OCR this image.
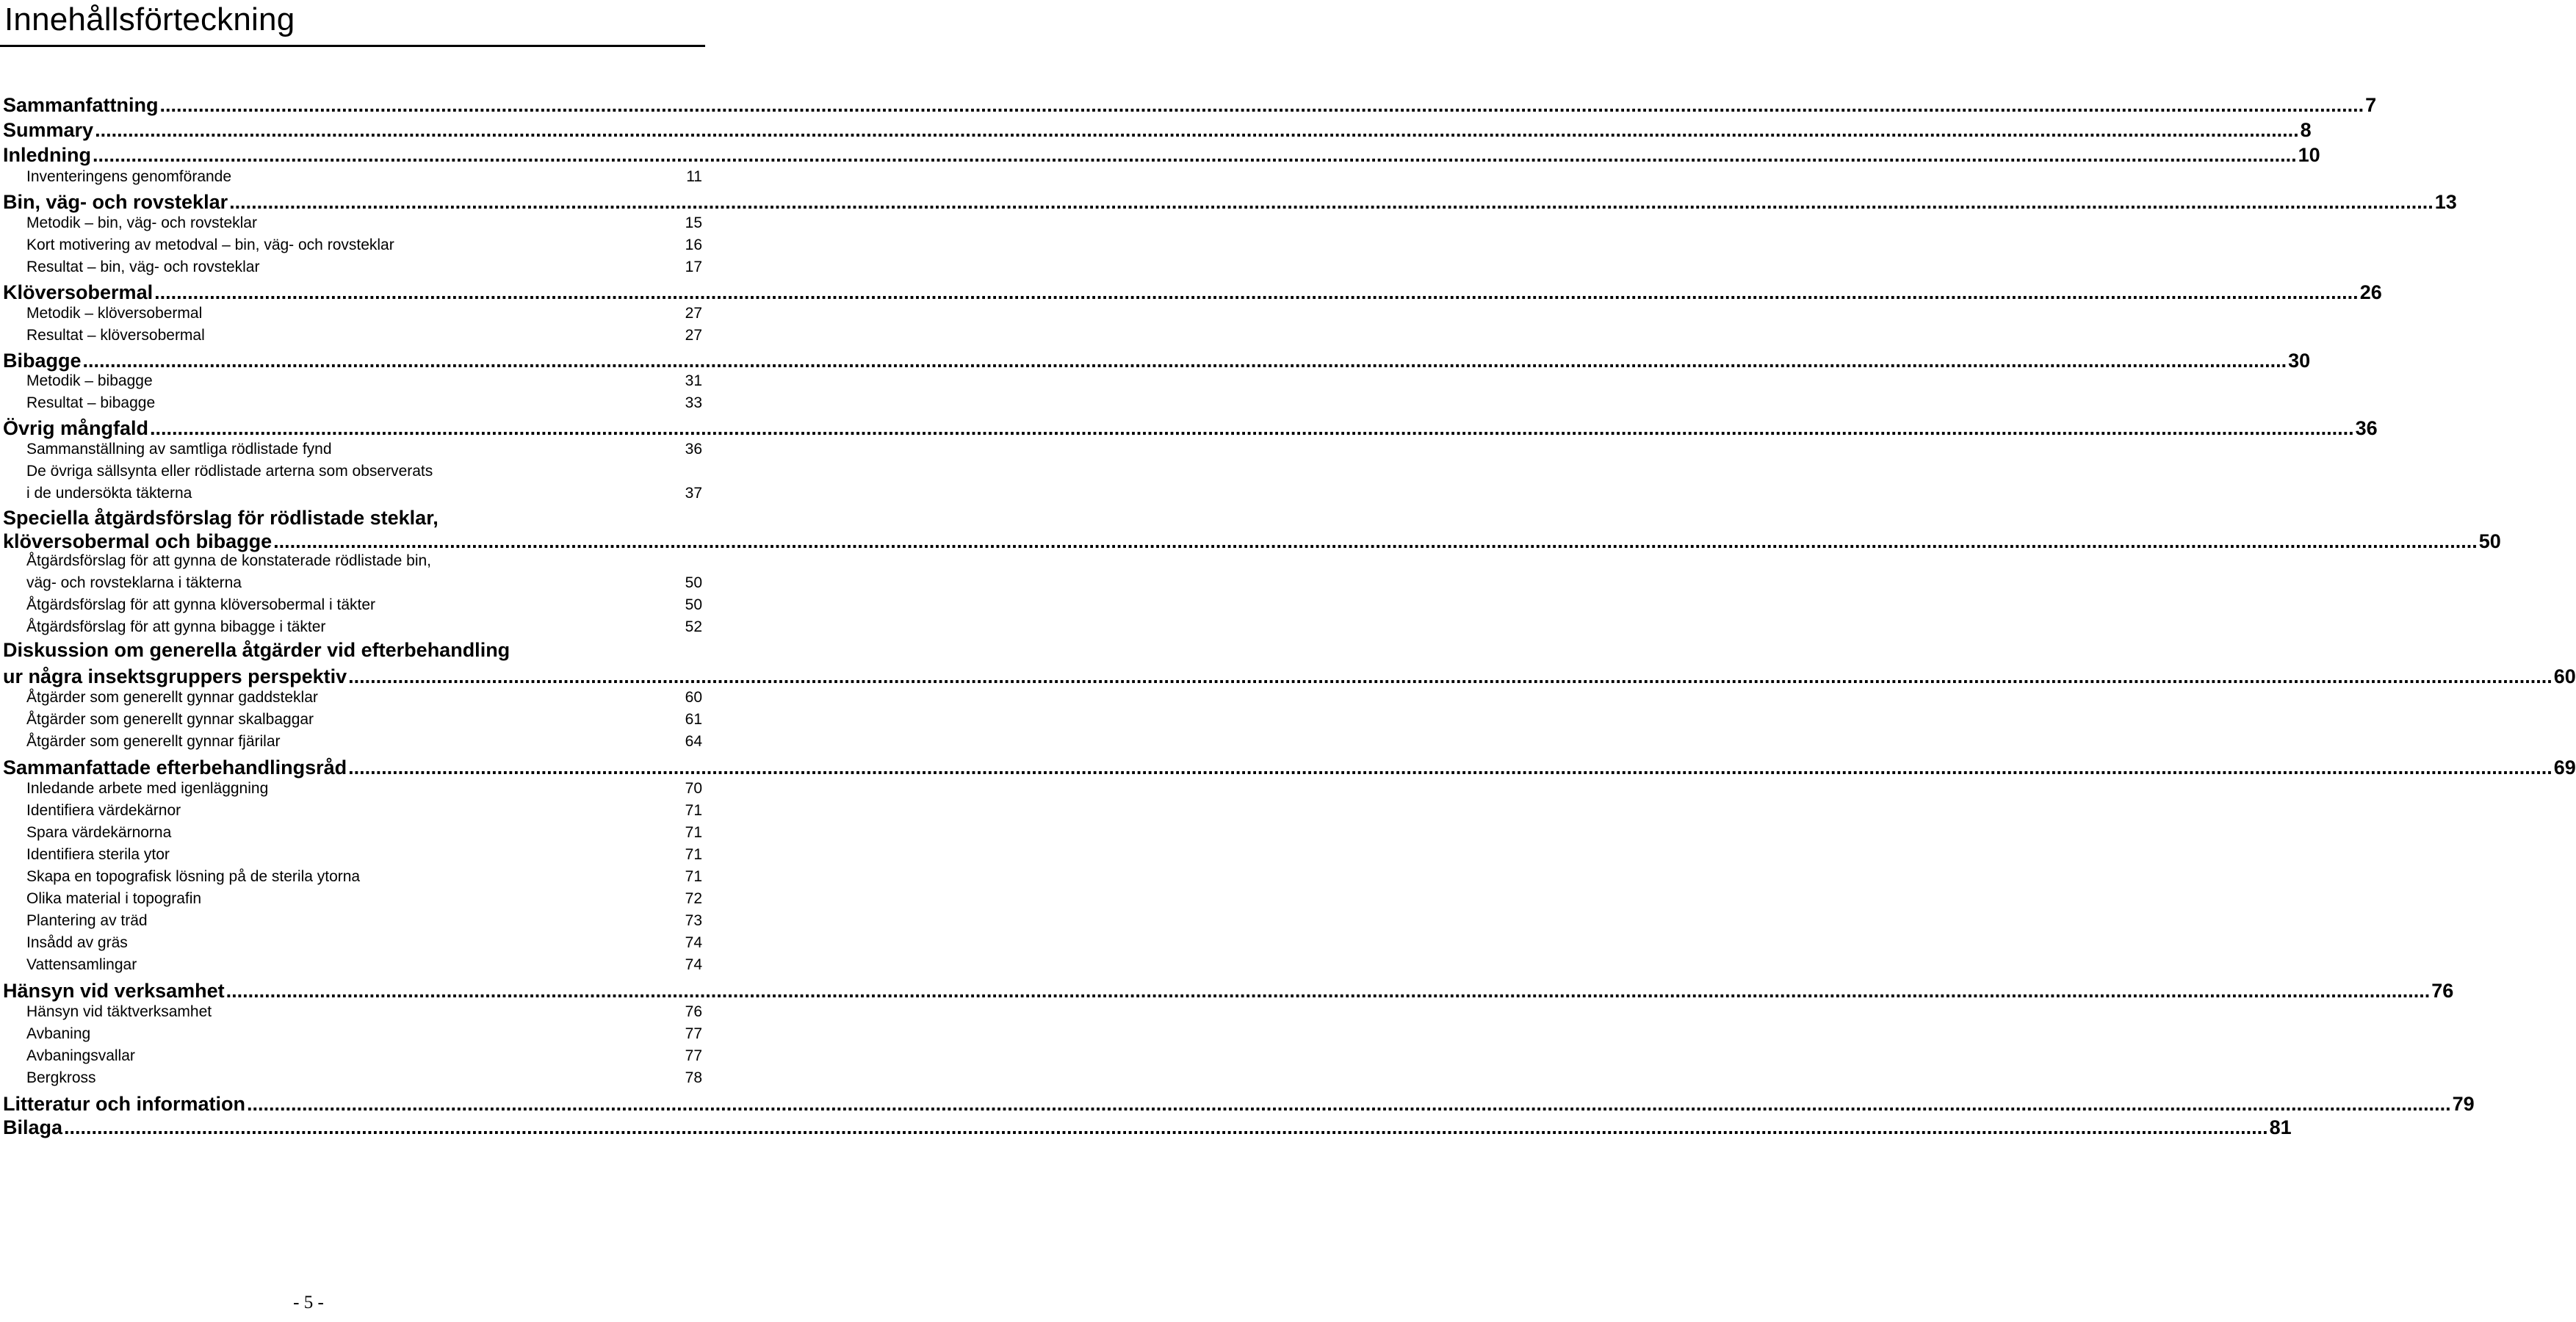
Innehållsförteckning
Sammanfattning ................................................................................................................................................................................................................................................................................................................................................................................................................ 7
Summary ................................................................................................................................................................................................................................................................................................................................................................................................................ 8
Inledning ................................................................................................................................................................................................................................................................................................................................................................................................................ 10
Inventeringens genomförande	11
Bin, väg- och rovsteklar ................................................................................................................................................................................................................................................................................................................................................................................................................ 13
Metodik – bin, väg- och rovsteklar	15
Kort motivering av metodval – bin, väg- och rovsteklar	16
Resultat – bin, väg- och rovsteklar	17
Klöversobermal ................................................................................................................................................................................................................................................................................................................................................................................................................ 26
Metodik – klöversobermal	27
Resultat – klöversobermal	27
Bibagge ................................................................................................................................................................................................................................................................................................................................................................................................................ 30
Metodik – bibagge	31
Resultat – bibagge	33
Övrig mångfald ................................................................................................................................................................................................................................................................................................................................................................................................................ 36
Sammanställning av samtliga rödlistade fynd	36
De övriga sällsynta eller rödlistade arterna som observerats
i de undersökta täkterna	37
Speciella åtgärdsförslag för rödlistade steklar,
klöversobermal och bibagge ................................................................................................................................................................................................................................................................................................................................................................................................................ 50
Åtgärdsförslag för att gynna de konstaterade rödlistade bin,
väg- och rovsteklarna i täkterna	50
Åtgärdsförslag för att gynna klöversobermal i täkter	50
Åtgärdsförslag för att gynna bibagge i täkter	52
Diskussion om generella åtgärder vid efterbehandling
ur några insektsgruppers perspektiv ................................................................................................................................................................................................................................................................................................................................................................................................................ 60
Åtgärder som generellt gynnar gaddsteklar	60
Åtgärder som generellt gynnar skalbaggar	61
Åtgärder som generellt gynnar fjärilar	64
Sammanfattade efterbehandlingsråd ................................................................................................................................................................................................................................................................................................................................................................................................................ 69
Inledande arbete med igenläggning	70
Identifiera värdekärnor	71
Spara värdekärnorna	71
Identifiera sterila ytor	71
Skapa en topografisk lösning på de sterila ytorna	71
Olika material i topografin	72
Plantering av träd	73
Insådd av gräs	74
Vattensamlingar	74
Hänsyn vid verksamhet ................................................................................................................................................................................................................................................................................................................................................................................................................ 76
Hänsyn vid täktverksamhet	76
Avbaning	77
Avbaningsvallar	77
Bergkross	78
Litteratur och information ................................................................................................................................................................................................................................................................................................................................................................................................................ 79
Bilaga ................................................................................................................................................................................................................................................................................................................................................................................................................ 81
- 5 -
